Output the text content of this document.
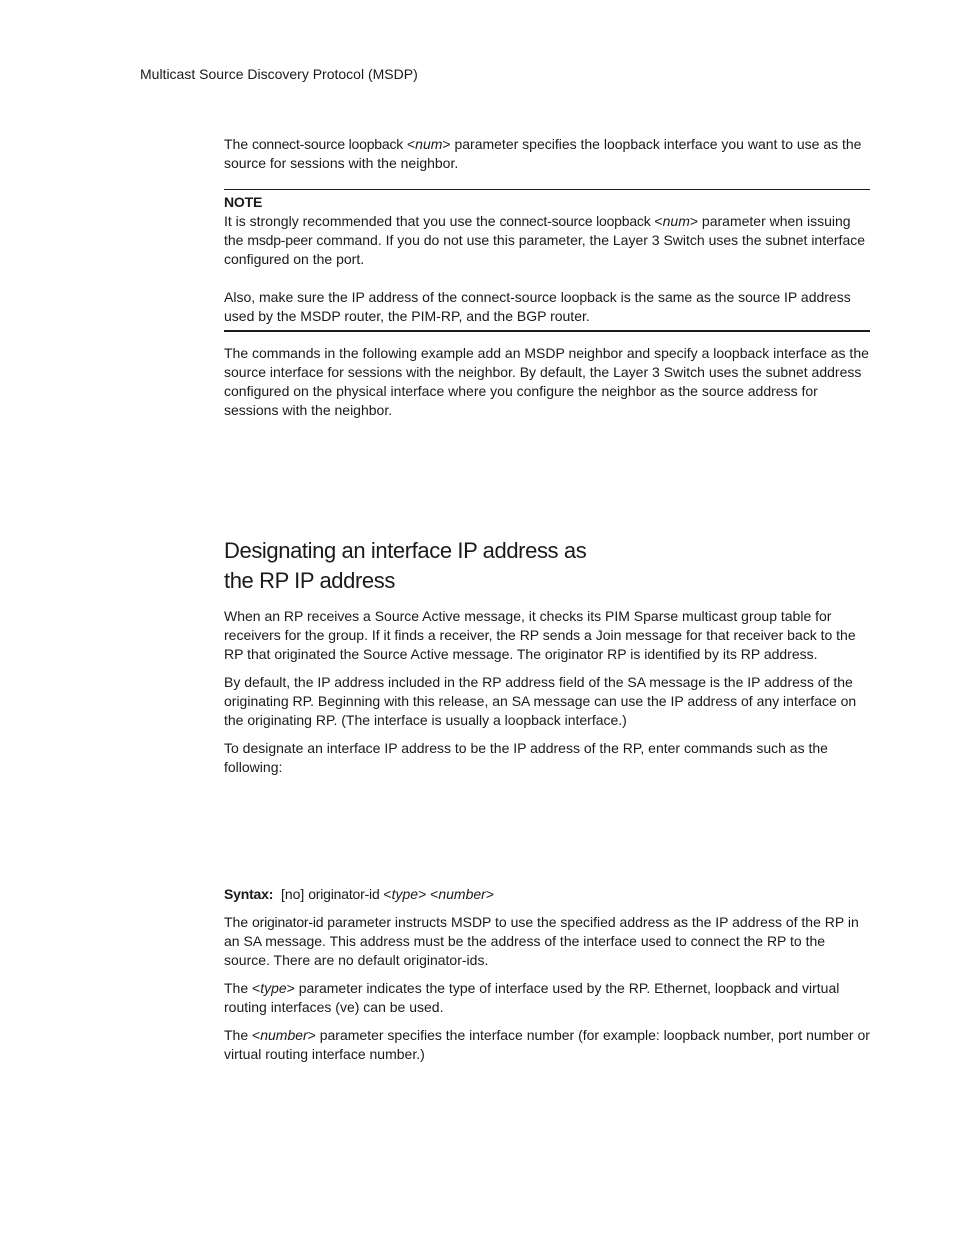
Multicast Source Discovery Protocol (MSDP)

The connect-source loopback <num> parameter specifies the loopback interface you want to use as the source for sessions with the neighbor.

NOTE

It is strongly recommended that you use the connect-source loopback <num> parameter when issuing the msdp-peer command. If you do not use this parameter, the Layer 3 Switch uses the subnet interface configured on the port.

Also, make sure the IP address of the connect-source loopback is the same as the source IP address used by the MSDP router, the PIM-RP, and the BGP router.

The commands in the following example add an MSDP neighbor and specify a loopback interface as the source interface for sessions with the neighbor. By default, the Layer 3 Switch uses the subnet address configured on the physical interface where you configure the neighbor as the source address for sessions with the neighbor.

Designating an interface IP address as the RP IP address

When an RP receives a Source Active message, it checks its PIM Sparse multicast group table for receivers for the group. If it finds a receiver, the RP sends a Join message for that receiver back to the RP that originated the Source Active message. The originator RP is identified by its RP address.

By default, the IP address included in the RP address field of the SA message is the IP address of the originating RP. Beginning with this release, an SA message can use the IP address of any interface on the originating RP. (The interface is usually a loopback interface.)

To designate an interface IP address to be the IP address of the RP, enter commands such as the following:

Syntax:  [no] originator-id <type> <number>

The originator-id parameter instructs MSDP to use the specified address as the IP address of the RP in an SA message. This address must be the address of the interface used to connect the RP to the source. There are no default originator-ids.

The <type> parameter indicates the type of interface used by the RP. Ethernet, loopback and virtual routing interfaces (ve) can be used.

The <number> parameter specifies the interface number (for example: loopback number, port number or virtual routing interface number.)
